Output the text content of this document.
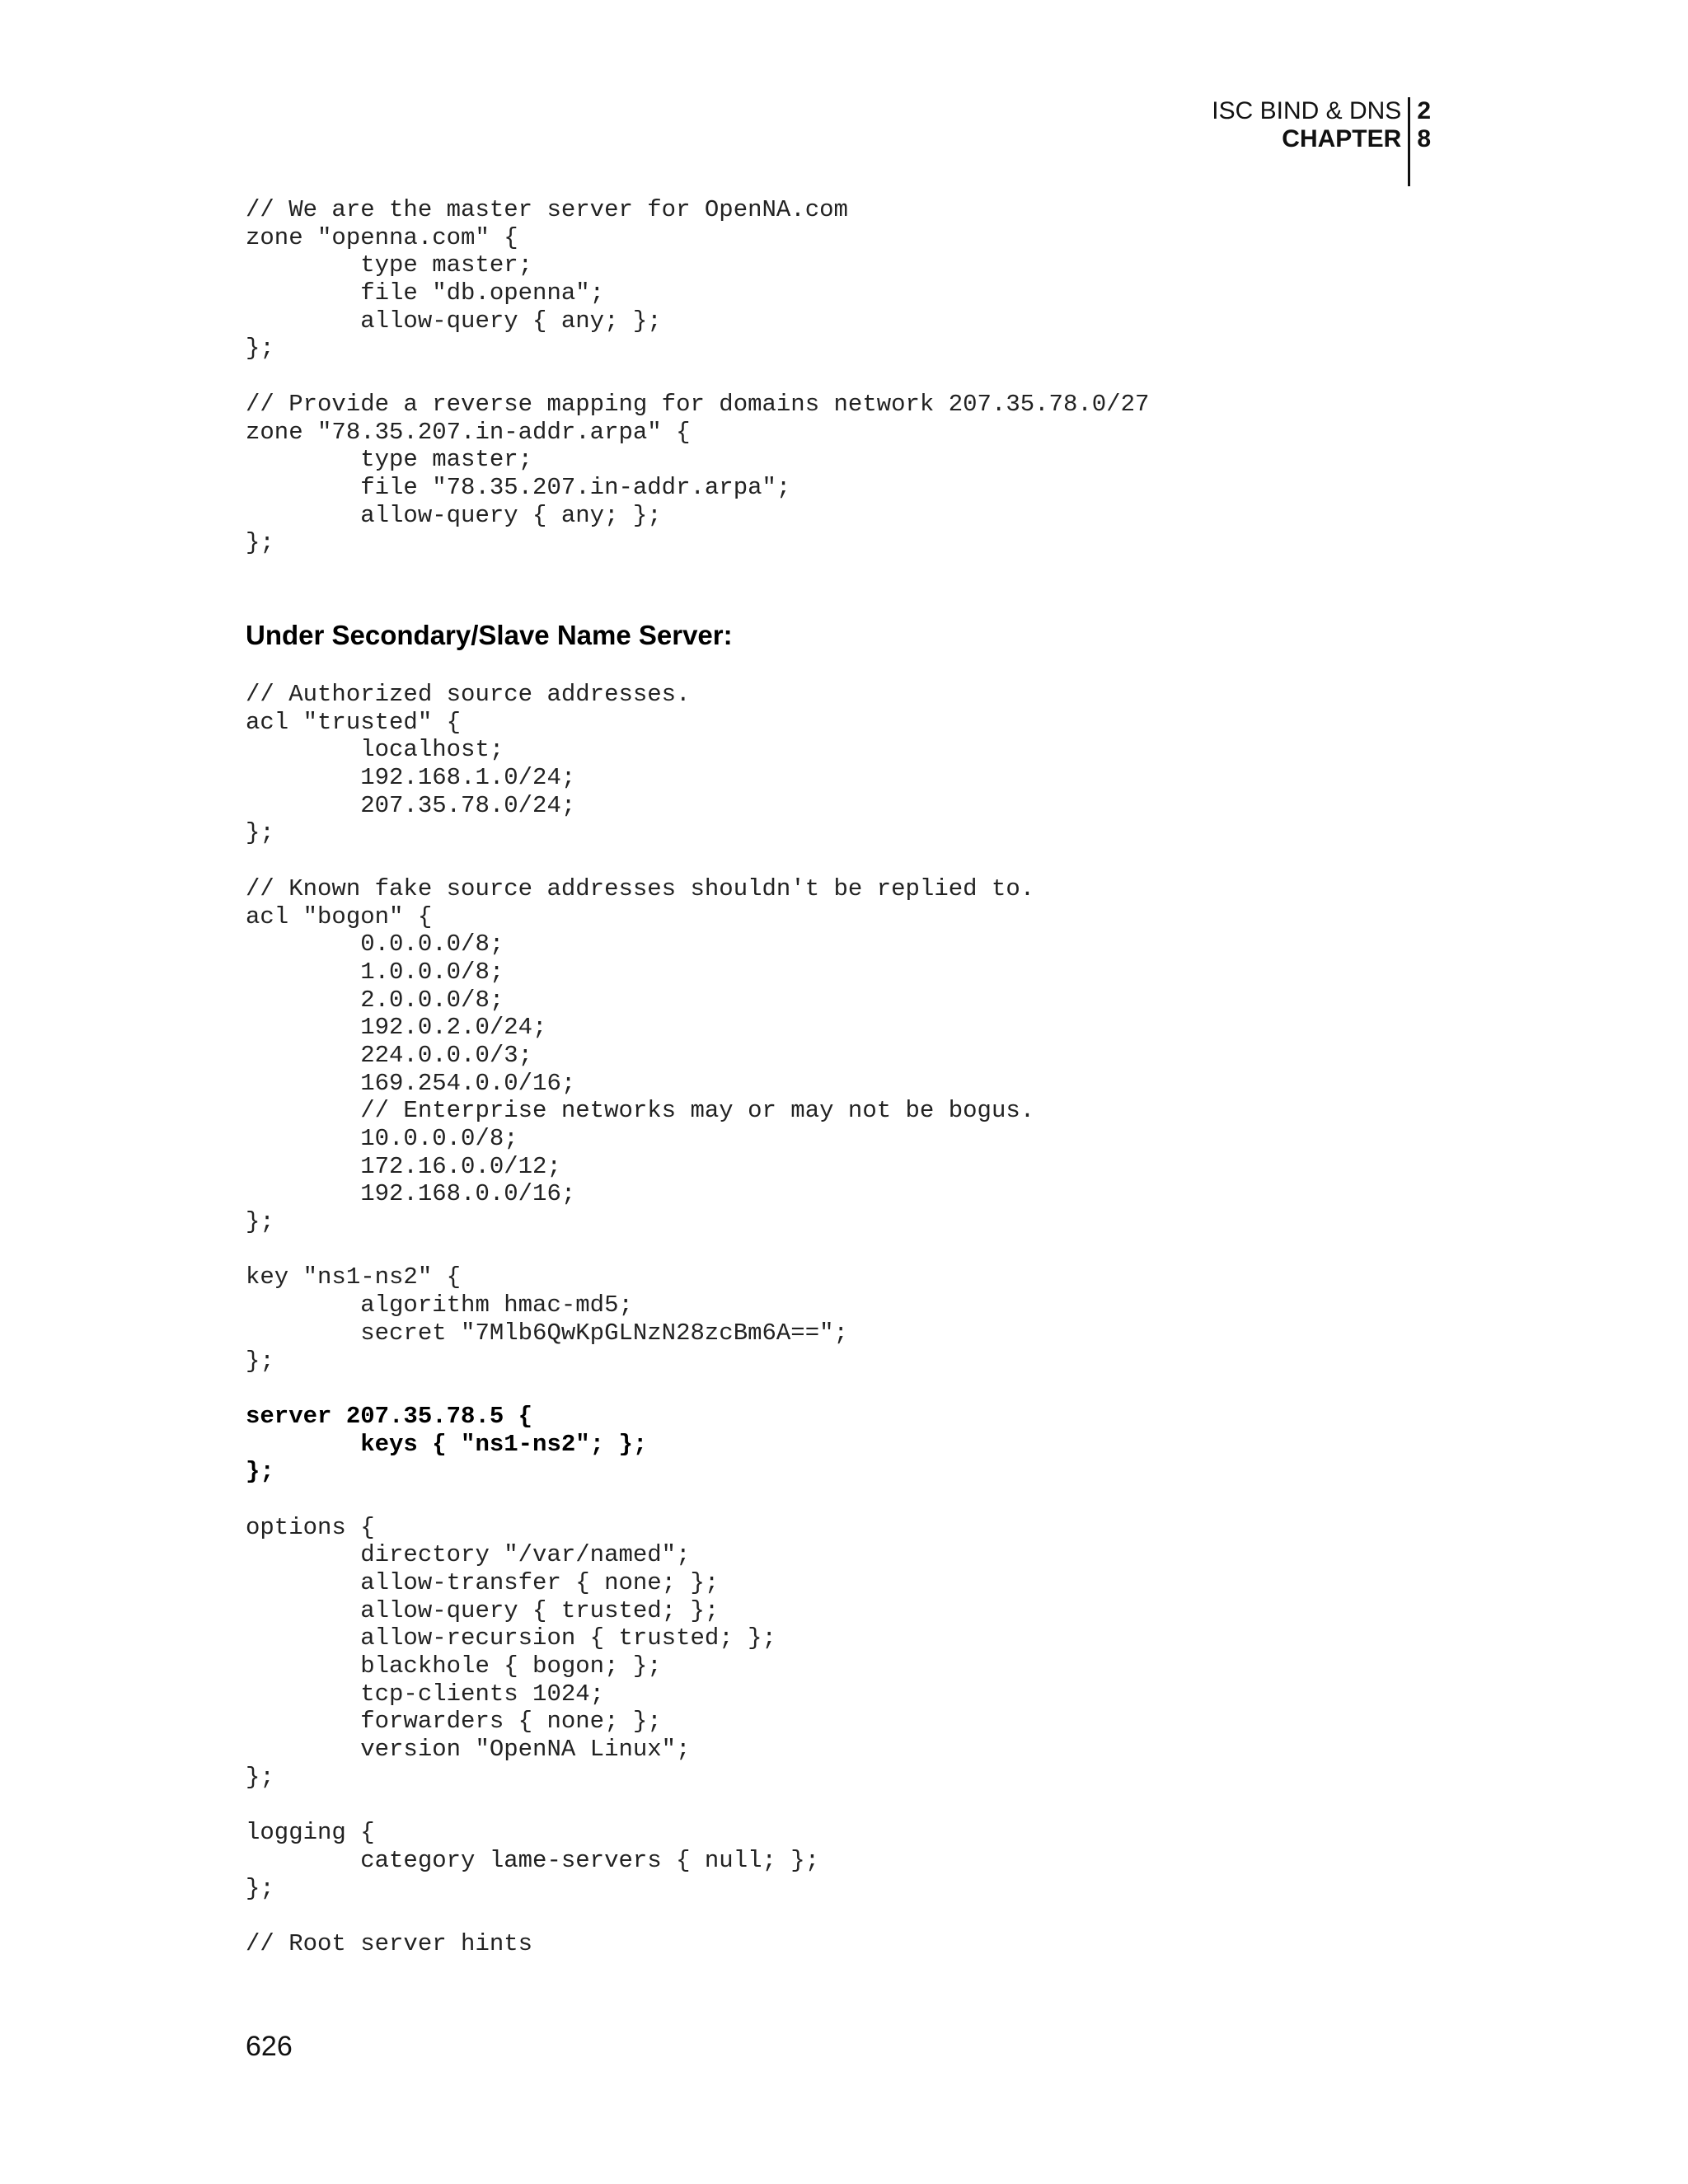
ISC BIND & DNS
CHAPTER
2
8
// We are the master server for OpenNA.com
zone "openna.com" {
type master;
file "db.openna";
allow-query { any; };
};
// Provide a reverse mapping for domains network 207.35.78.0/27
zone "78.35.207.in-addr.arpa" {
type master;
file "78.35.207.in-addr.arpa";
allow-query { any; };
};
Under Secondary/Slave Name Server:
// Authorized source addresses.
acl "trusted" {
localhost;
192.168.1.0/24;
207.35.78.0/24;
};
// Known fake source addresses shouldn't be replied to.
acl "bogon" {
0.0.0.0/8;
1.0.0.0/8;
2.0.0.0/8;
192.0.2.0/24;
224.0.0.0/3;
169.254.0.0/16;
// Enterprise networks may or may not be bogus.
10.0.0.0/8;
172.16.0.0/12;
192.168.0.0/16;
};
key "ns1-ns2" {
algorithm hmac-md5;
secret "7Mlb6QwKpGLNzN28zcBm6A==";
};
server 207.35.78.5 {
keys { "ns1-ns2"; };
};
options {
directory "/var/named";
allow-transfer { none; };
allow-query { trusted; };
allow-recursion { trusted; };
blackhole { bogon; };
tcp-clients 1024;
forwarders { none; };
version "OpenNA Linux";
};
logging {
category lame-servers { null; };
};
// Root server hints
626
